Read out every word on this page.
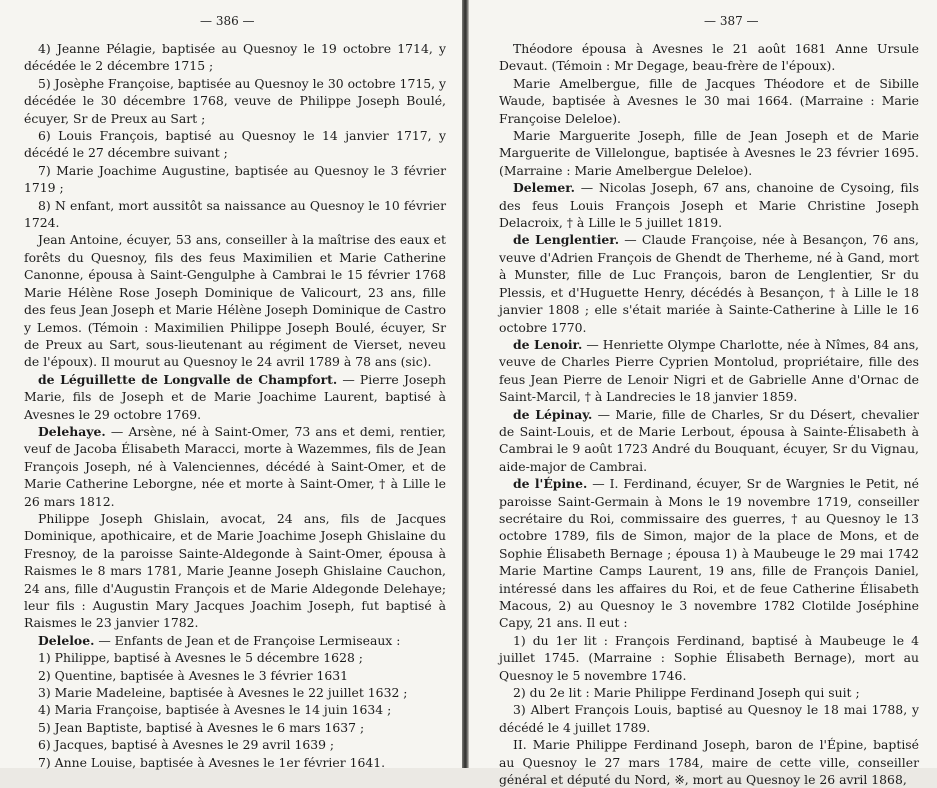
— 386 —

4) Jeanne Pélagie, baptisée au Quesnoy le 19 octobre 1714, y décédée le 2 décembre 1715 ;

5) Josèphe Françoise, baptisée au Quesnoy le 30 octobre 1715, y décédée le 30 décembre 1768, veuve de Philippe Joseph Boulé, écuyer, Sr de Preux au Sart ;

6) Louis François, baptisé au Quesnoy le 14 janvier 1717, y décédé le 27 décembre suivant ;

7) Marie Joachime Augustine, baptisée au Quesnoy le 3 février 1719 ;

8) N enfant, mort aussitôt sa naissance au Quesnoy le 10 février 1724.

Jean Antoine, écuyer, 53 ans, conseiller à la maîtrise des eaux et forêts du Quesnoy, fils des feus Maximilien et Marie Catherine Canonne, épousa à Saint-Gengulphe à Cambrai le 15 février 1768 Marie Hélène Rose Joseph Dominique de Valicourt, 23 ans, fille des feus Jean Joseph et Marie Hélène Joseph Dominique de Castro y Lemos. (Témoin : Maximilien Philippe Joseph Boulé, écuyer, Sr de Preux au Sart, sous-lieutenant au régiment de Vierset, neveu de l'époux). Il mourut au Quesnoy le 24 avril 1789 à 78 ans (sic).

de Léguillette de Longvalle de Champfort. — Pierre Joseph Marie, fils de Joseph et de Marie Joachime Laurent, baptisé à Avesnes le 29 octobre 1769.

Delehaye. — Arsène, né à Saint-Omer, 73 ans et demi, rentier, veuf de Jacoba Élisabeth Maracci, morte à Wazemmes, fils de Jean François Joseph, né à Valenciennes, décédé à Saint-Omer, et de Marie Catherine Leborgne, née et morte à Saint-Omer, † à Lille le 26 mars 1812.

Philippe Joseph Ghislain, avocat, 24 ans, fils de Jacques Dominique, apothicaire, et de Marie Joachime Joseph Ghislaine du Fresnoy, de la paroisse Sainte-Aldegonde à Saint-Omer, épousa à Raismes le 8 mars 1781, Marie Jeanne Joseph Ghislaine Cauchon, 24 ans, fille d'Augustin François et de Marie Aldegonde Delehaye; leur fils : Augustin Mary Jacques Joachim Joseph, fut baptisé à Raismes le 23 janvier 1782.

Deleloe. — Enfants de Jean et de Françoise Lermiseaux :

1) Philippe, baptisé à Avesnes le 5 décembre 1628 ;

2) Quentine, baptisée à Avesnes le 3 février 1631

3) Marie Madeleine, baptisée à Avesnes le 22 juillet 1632 ;

4) Maria Françoise, baptisée à Avesnes le 14 juin 1634 ;

5) Jean Baptiste, baptisé à Avesnes le 6 mars 1637 ;

6) Jacques, baptisé à Avesnes le 29 avril 1639 ;

7) Anne Louise, baptisée à Avesnes le 1er février 1641.

— 387 —

Théodore épousa à Avesnes le 21 août 1681 Anne Ursule Devaut. (Témoin : Mr Degage, beau-frère de l'époux).

Marie Amelbergue, fille de Jacques Théodore et de Sibille Waude, baptisée à Avesnes le 30 mai 1664. (Marraine : Marie Françoise Deleloe).

Marie Marguerite Joseph, fille de Jean Joseph et de Marie Marguerite de Villelongue, baptisée à Avesnes le 23 février 1695. (Marraine : Marie Amelbergue Deleloe).

Delemer. — Nicolas Joseph, 67 ans, chanoine de Cysoing, fils des feus Louis François Joseph et Marie Christine Joseph Delacroix, † à Lille le 5 juillet 1819.

de Lenglentier. — Claude Françoise, née à Besançon, 76 ans, veuve d'Adrien François de Ghendt de Therheme, né à Gand, mort à Munster, fille de Luc François, baron de Lenglentier, Sr du Plessis, et d'Huguette Henry, décédés à Besançon, † à Lille le 18 janvier 1808 ; elle s'était mariée à Sainte-Catherine à Lille le 16 octobre 1770.

de Lenoir. — Henriette Olympe Charlotte, née à Nîmes, 84 ans, veuve de Charles Pierre Cyprien Montolud, propriétaire, fille des feus Jean Pierre de Lenoir Nigri et de Gabrielle Anne d'Ornac de Saint-Marcil, † à Landrecies le 18 janvier 1859.

de Lépinay. — Marie, fille de Charles, Sr du Désert, chevalier de Saint-Louis, et de Marie Lerbout, épousa à Sainte-Élisabeth à Cambrai le 9 août 1723 André du Bouquant, écuyer, Sr du Vignau, aide-major de Cambrai.

de l'Épine. — I. Ferdinand, écuyer, Sr de Wargnies le Petit, né paroisse Saint-Germain à Mons le 19 novembre 1719, conseiller secrétaire du Roi, commissaire des guerres, † au Quesnoy le 13 octobre 1789, fils de Simon, major de la place de Mons, et de Sophie Élisabeth Bernage ; épousa 1) à Maubeuge le 29 mai 1742 Marie Martine Camps Laurent, 19 ans, fille de François Daniel, intéressé dans les affaires du Roi, et de feue Catherine Élisabeth Macous, 2) au Quesnoy le 3 novembre 1782 Clotilde Joséphine Capy, 21 ans. Il eut :

1) du 1er lit : François Ferdinand, baptisé à Maubeuge le 4 juillet 1745. (Marraine : Sophie Élisabeth Bernage), mort au Quesnoy le 5 novembre 1746.

2) du 2e lit : Marie Philippe Ferdinand Joseph qui suit ;

3) Albert François Louis, baptisé au Quesnoy le 18 mai 1788, y décédé le 4 juillet 1789.

II. Marie Philippe Ferdinand Joseph, baron de l'Épine, baptisé au Quesnoy le 27 mars 1784, maire de cette ville, conseiller général et député du Nord, ※, mort au Quesnoy le 26 avril 1868,
